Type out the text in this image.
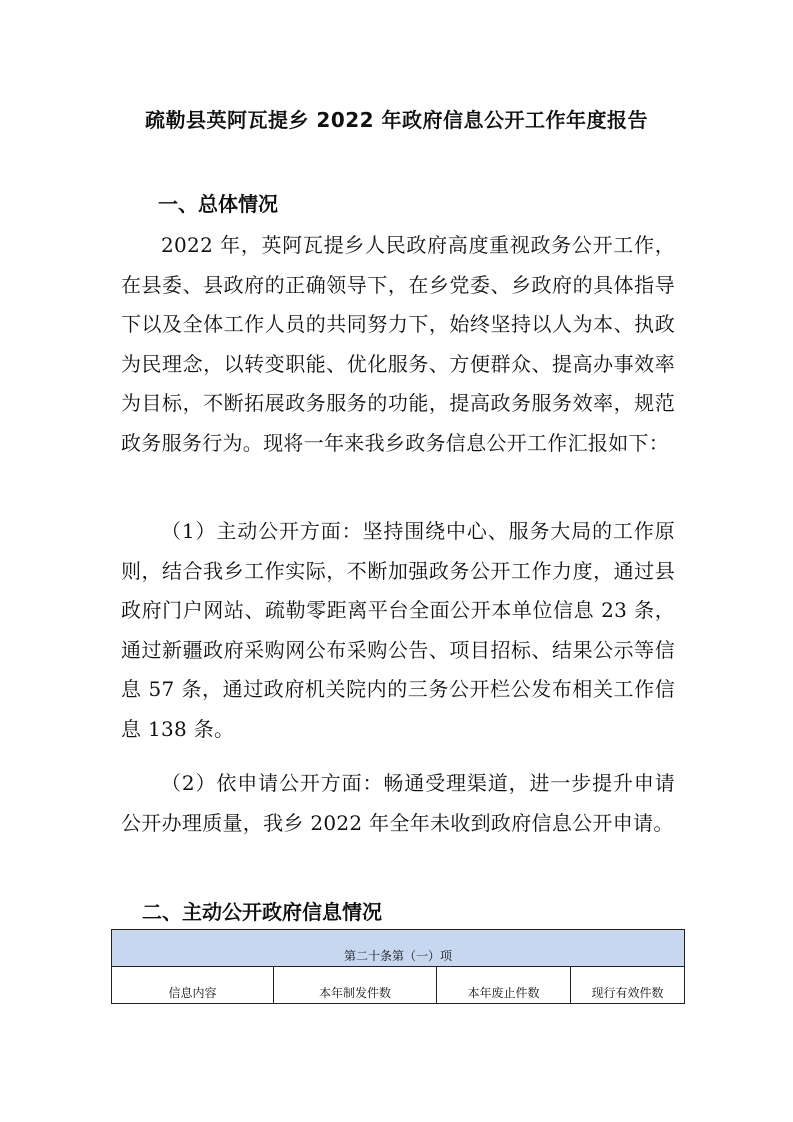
疏勒县英阿瓦提乡 2022 年政府信息公开工作年度报告
一、总体情况
2022 年，英阿瓦提乡人民政府高度重视政务公开工作，在县委、县政府的正确领导下，在乡党委、乡政府的具体指导下以及全体工作人员的共同努力下，始终坚持以人为本、执政为民理念，以转变职能、优化服务、方便群众、提高办事效率为目标，不断拓展政务服务的功能，提高政务服务效率，规范政务服务行为。现将一年来我乡政务信息公开工作汇报如下：
（1）主动公开方面：坚持围绕中心、服务大局的工作原则，结合我乡工作实际，不断加强政务公开工作力度，通过县政府门户网站、疏勒零距离平台全面公开本单位信息 23 条，通过新疆政府采购网公布采购公告、项目招标、结果公示等信息 57 条，通过政府机关院内的三务公开栏公发布相关工作信息 138 条。
（2）依申请公开方面：畅通受理渠道，进一步提升申请公开办理质量，我乡 2022 年全年未收到政府信息公开申请。
二、主动公开政府信息情况
第二十条第（一）项
信息内容	本年制发件数	本年废止件数	现行有效件数
